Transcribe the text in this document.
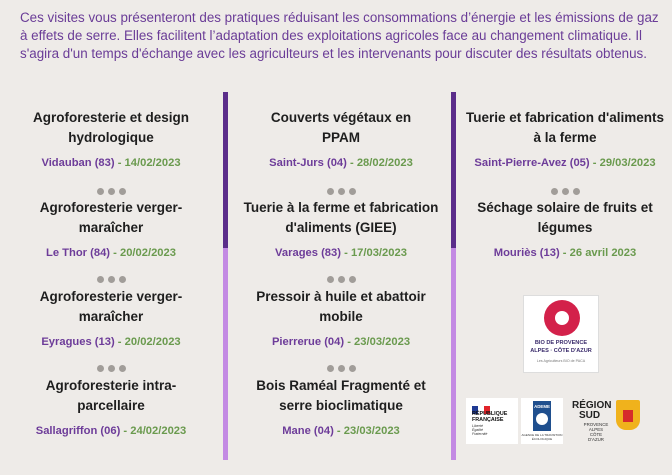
Ces visites vous présenteront des pratiques réduisant les consommations d’énergie et les émissions de gaz à effets de serre. Elles facilitent l’adaptation des exploitations agricoles face au changement climatique. Il s'agira d'un temps d'échange avec les agriculteurs et les intervenants pour discuter des résultats obtenus.

Agroforesterie et design hydrologique
Vidauban (83) - 14/02/2023
Agroforesterie verger-maraîcher
Le Thor (84) - 20/02/2023
Agroforesterie verger-maraîcher
Eyragues (13) - 20/02/2023
Agroforesterie intra-parcellaire
Sallagriffon (06) - 24/02/2023
Couverts végétaux en PPAM
Saint-Jurs (04) - 28/02/2023
Tuerie à la ferme et fabrication d'aliments (GIEE)
Varages (83) - 17/03/2023
Pressoir à huile et abattoir mobile
Pierrerue (04) - 23/03/2023
Bois Raméal Fragmenté et serre bioclimatique
Mane (04) - 23/03/2023
Tuerie et fabrication d'aliments à la ferme
Saint-Pierre-Avez (05) - 29/03/2023
Séchage solaire de fruits et légumes
Mouriès (13) - 26 avril 2023
BIO DE PROVENCE
ALPES · CÔTE D'AZUR
Les Agriculteurs BIO de PACA
RÉPUBLIQUE
FRANÇAISE
Liberté
Égalité
Fraternité
ADEME
AGENCE DE LA TRANSITION ÉCOLOGIQUE
RÉGION
SUD
PROVENCE
ALPES
CÔTE D'AZUR
